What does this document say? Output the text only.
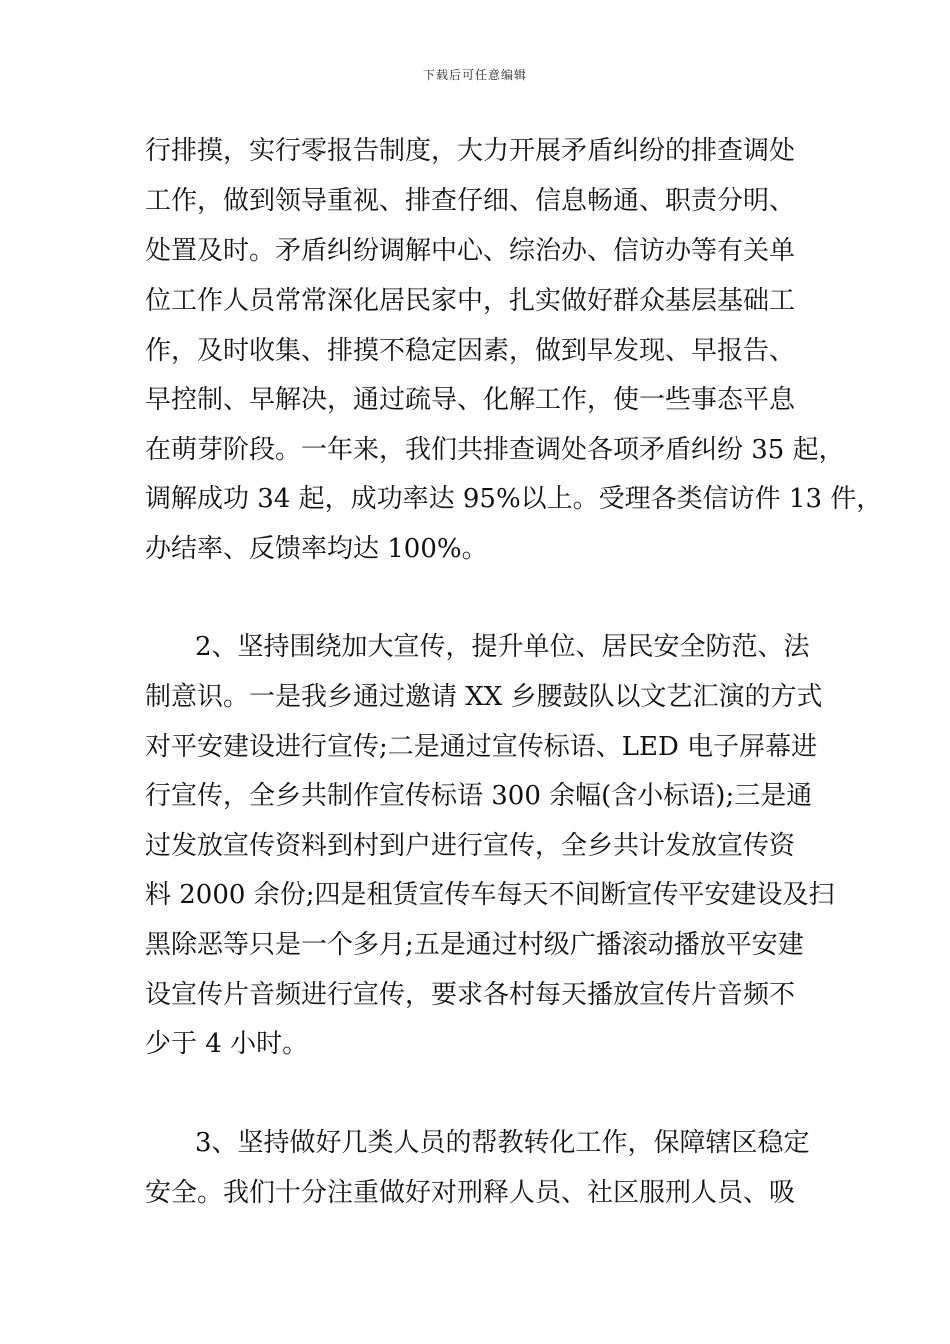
下载后可任意编辑
行排摸，实行零报告制度，大力开展矛盾纠纷的排查调处
工作，做到领导重视、排查仔细、信息畅通、职责分明、
处置及时。矛盾纠纷调解中心、综治办、信访办等有关单
位工作人员常常深化居民家中，扎实做好群众基层基础工
作，及时收集、排摸不稳定因素，做到早发现、早报告、
早控制、早解决，通过疏导、化解工作，使一些事态平息
在萌芽阶段。一年来，我们共排查调处各项矛盾纠纷 35 起，
调解成功 34 起，成功率达 95%以上。受理各类信访件 13 件，
办结率、反馈率均达 100%。
2、坚持围绕加大宣传，提升单位、居民安全防范、法
制意识。一是我乡通过邀请 XX 乡腰鼓队以文艺汇演的方式
对平安建设进行宣传;二是通过宣传标语、LED 电子屏幕进
行宣传，全乡共制作宣传标语 300 余幅(含小标语);三是通
过发放宣传资料到村到户进行宣传，全乡共计发放宣传资
料 2000 余份;四是租赁宣传车每天不间断宣传平安建设及扫
黑除恶等只是一个多月;五是通过村级广播滚动播放平安建
设宣传片音频进行宣传，要求各村每天播放宣传片音频不
少于 4 小时。
3、坚持做好几类人员的帮教转化工作，保障辖区稳定
安全。我们十分注重做好对刑释人员、社区服刑人员、吸
